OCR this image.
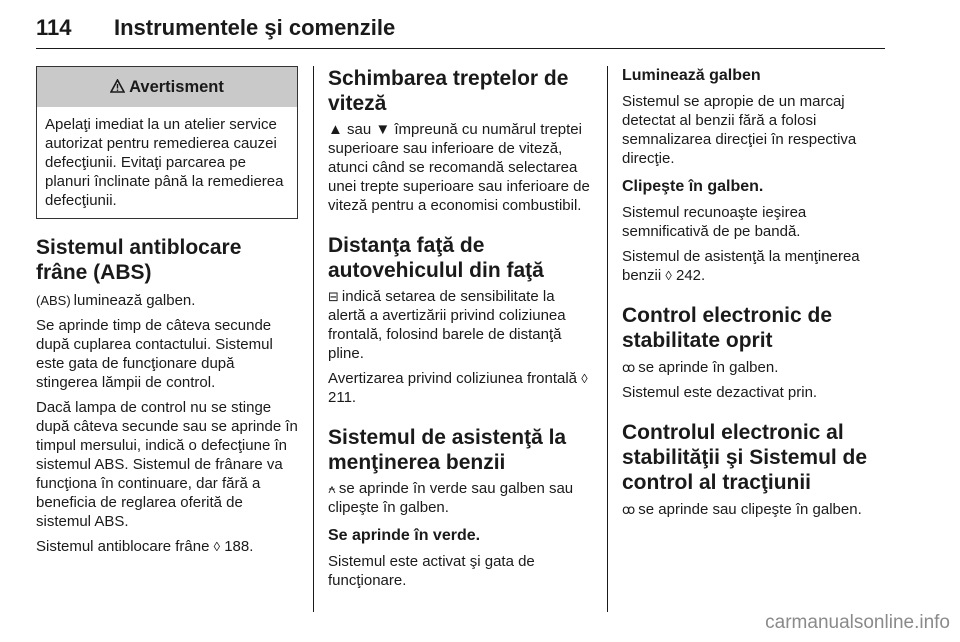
114 Instrumentele şi comenzile
Avertisment
Apelaţi imediat la un atelier service autorizat pentru remedierea cauzei defecţiunii. Evitaţi parcarea pe planuri înclinate până la remedierea defecţiunii.
Sistemul antiblocare frâne (ABS)

(ABS) luminează galben.

Se aprinde timp de câteva secunde după cuplarea contactului. Sistemul este gata de funcţionare după stingerea lămpii de control.

Dacă lampa de control nu se stinge după câteva secunde sau se aprinde în timpul mersului, indică o defecţiune în sistemul ABS. Sistemul de frânare va funcţiona în continuare, dar fără a beneficia de reglarea oferită de sistemul ABS.

Sistemul antiblocare frâne ◊ 188.

Schimbarea treptelor de viteză

▲ sau ▼ împreună cu numărul treptei superioare sau inferioare de viteză, atunci când se recomandă selectarea unei trepte superioare sau inferioare de viteză pentru a economisi combustibil.

Distanţa faţă de autovehiculul din faţă

⊟ indică setarea de sensibilitate la alertă a avertizării privind coliziunea frontală, folosind barele de distanţă pline.

Avertizarea privind coliziunea frontală ◊ 211.

Sistemul de asistenţă la menţinerea benzii

⍲ se aprinde în verde sau galben sau clipeşte în galben.

Se aprinde în verde.

Sistemul este activat şi gata de funcţionare.

Luminează galben

Sistemul se apropie de un marcaj detectat al benzii fără a folosi semnalizarea direcţiei în respectiva direcţie.

Clipeşte în galben.

Sistemul recunoaşte ieşirea semnificativă de pe bandă.

Sistemul de asistenţă la menţinerea benzii ◊ 242.

Control electronic de stabilitate oprit

ꝏ se aprinde în galben.

Sistemul este dezactivat prin.

Controlul electronic al stabilităţii şi Sistemul de control al tracţiunii

ꝏ se aprinde sau clipeşte în galben.

carmanualsonline.info
